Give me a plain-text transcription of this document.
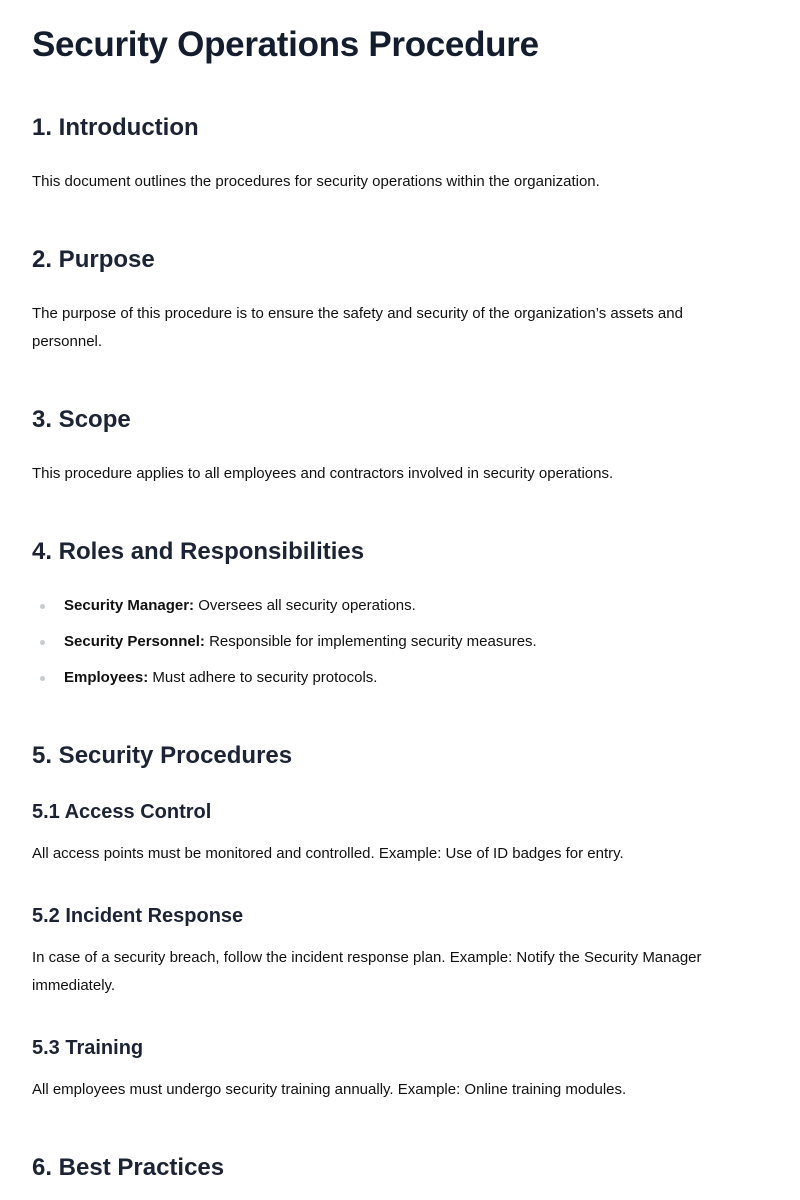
Security Operations Procedure
1. Introduction

This document outlines the procedures for security operations within the organization.

2. Purpose

The purpose of this procedure is to ensure the safety and security of the organization’s assets and personnel.

3. Scope

This procedure applies to all employees and contractors involved in security operations.

4. Roles and Responsibilities
Security Manager: Oversees all security operations.
Security Personnel: Responsible for implementing security measures.
Employees: Must adhere to security protocols.
5. Security Procedures
5.1 Access Control

All access points must be monitored and controlled. Example: Use of ID badges for entry.

5.2 Incident Response

In case of a security breach, follow the incident response plan. Example: Notify the Security Manager immediately.

5.3 Training

All employees must undergo security training annually. Example: Online training modules.

6. Best Practices
